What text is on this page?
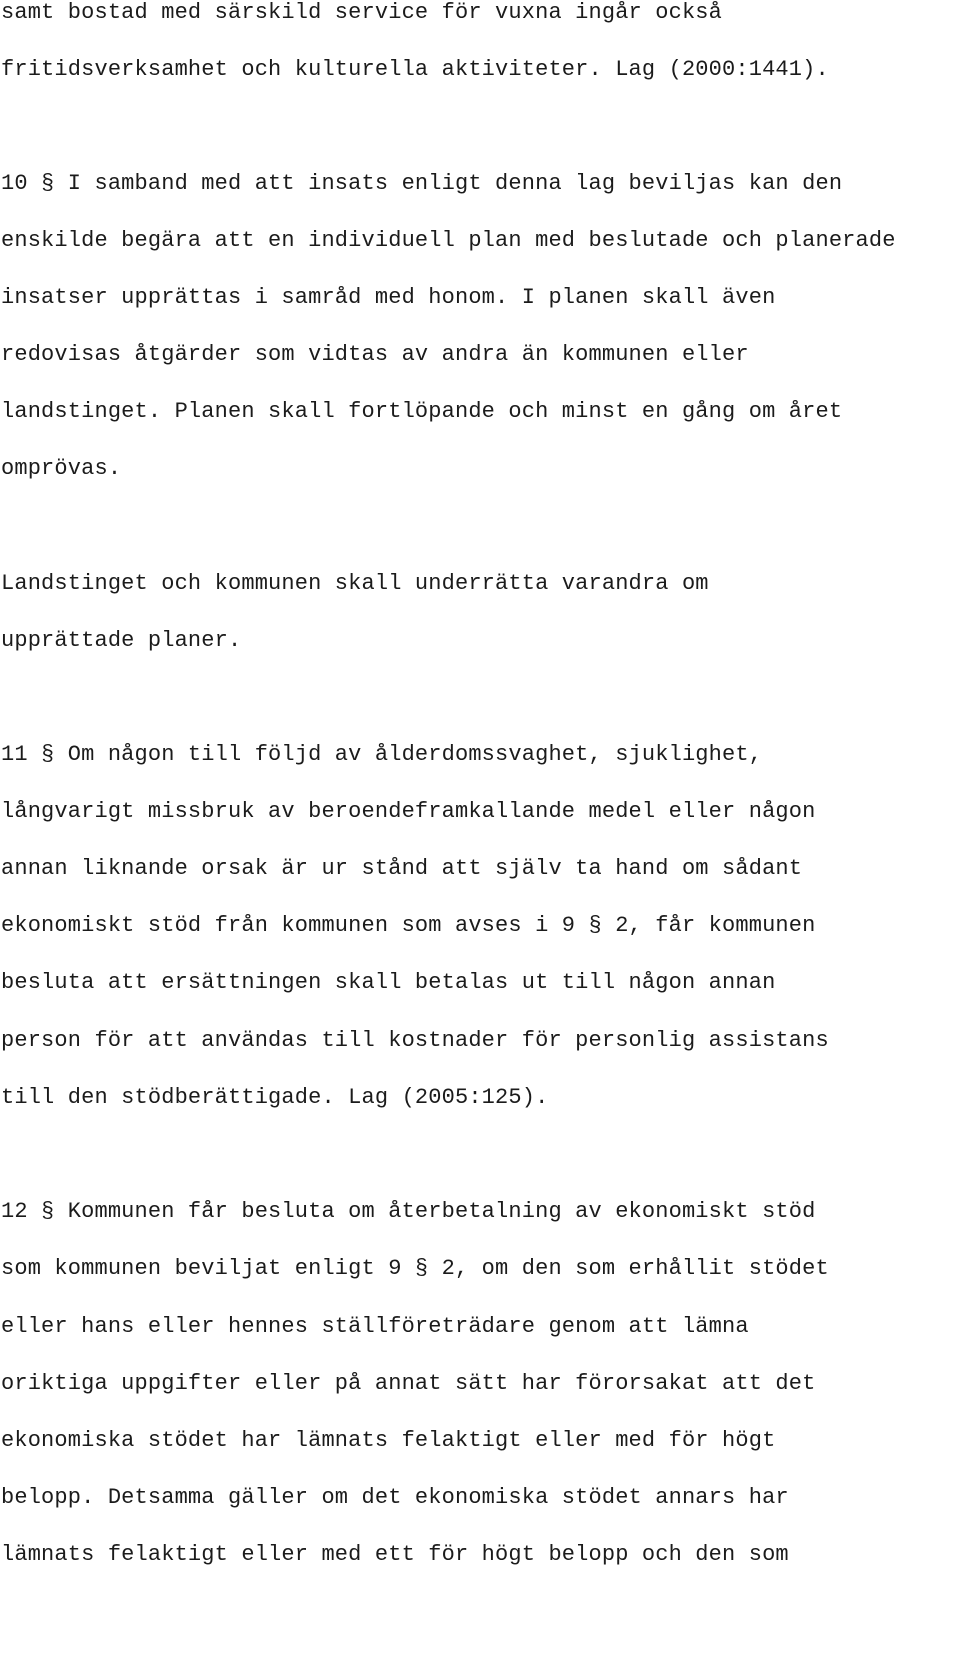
samt bostad med särskild service för vuxna ingår också
fritidsverksamhet och kulturella aktiviteter. Lag (2000:1441).
10 § I samband med att insats enligt denna lag beviljas kan den
enskilde begära att en individuell plan med beslutade och planerade
insatser upprättas i samråd med honom. I planen skall även
redovisas åtgärder som vidtas av andra än kommunen eller
landstinget. Planen skall fortlöpande och minst en gång om året
omprövas.
Landstinget och kommunen skall underrätta varandra om
upprättade planer.
11 § Om någon till följd av ålderdomssvaghet, sjuklighet,
långvarigt missbruk av beroendeframkallande medel eller någon
annan liknande orsak är ur stånd att själv ta hand om sådant
ekonomiskt stöd från kommunen som avses i 9 § 2, får kommunen
besluta att ersättningen skall betalas ut till någon annan
person för att användas till kostnader för personlig assistans
till den stödberättigade. Lag (2005:125).
12 § Kommunen får besluta om återbetalning av ekonomiskt stöd
som kommunen beviljat enligt 9 § 2, om den som erhållit stödet
eller hans eller hennes ställföreträdare genom att lämna
oriktiga uppgifter eller på annat sätt har förorsakat att det
ekonomiska stödet har lämnats felaktigt eller med för högt
belopp. Detsamma gäller om det ekonomiska stödet annars har
lämnats felaktigt eller med ett för högt belopp och den som
